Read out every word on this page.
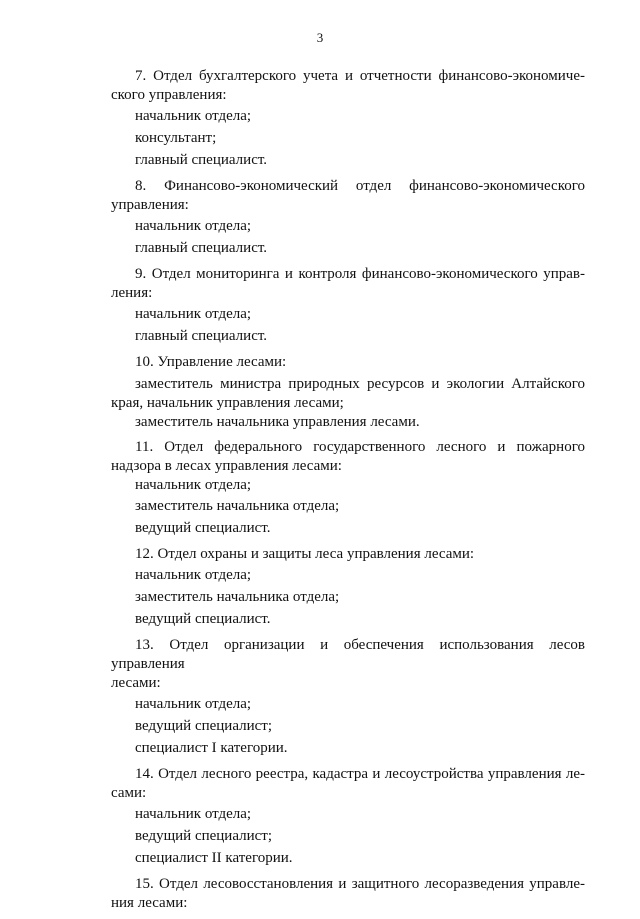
3

7. Отдел бухгалтерского учета и отчетности финансово-экономиче-

ского управления:

начальник отдела;

консультант;

главный специалист.

8. Финансово-экономический отдел финансово-экономического

управления:

начальник отдела;

главный специалист.

9. Отдел мониторинга и контроля финансово-экономического управ-

ления:

начальник отдела;

главный специалист.

10. Управление лесами:

заместитель министра природных ресурсов и экологии Алтайского края, начальник управления лесами;

заместитель начальника управления лесами.

11. Отдел федерального государственного лесного и пожарного

надзора в лесах управления лесами:

начальник отдела;

заместитель начальника отдела;

ведущий специалист.

12. Отдел охраны и защиты леса управления лесами:

начальник отдела;

заместитель начальника отдела;

ведущий специалист.

13. Отдел организации и обеспечения использования лесов управления

лесами:

начальник отдела;

ведущий специалист;

специалист I категории.

14. Отдел лесного реестра, кадастра и лесоустройства управления ле-

сами:

начальник отдела;

ведущий специалист;

специалист II категории.

15. Отдел лесовосстановления и защитного лесоразведения управле-

ния лесами:
